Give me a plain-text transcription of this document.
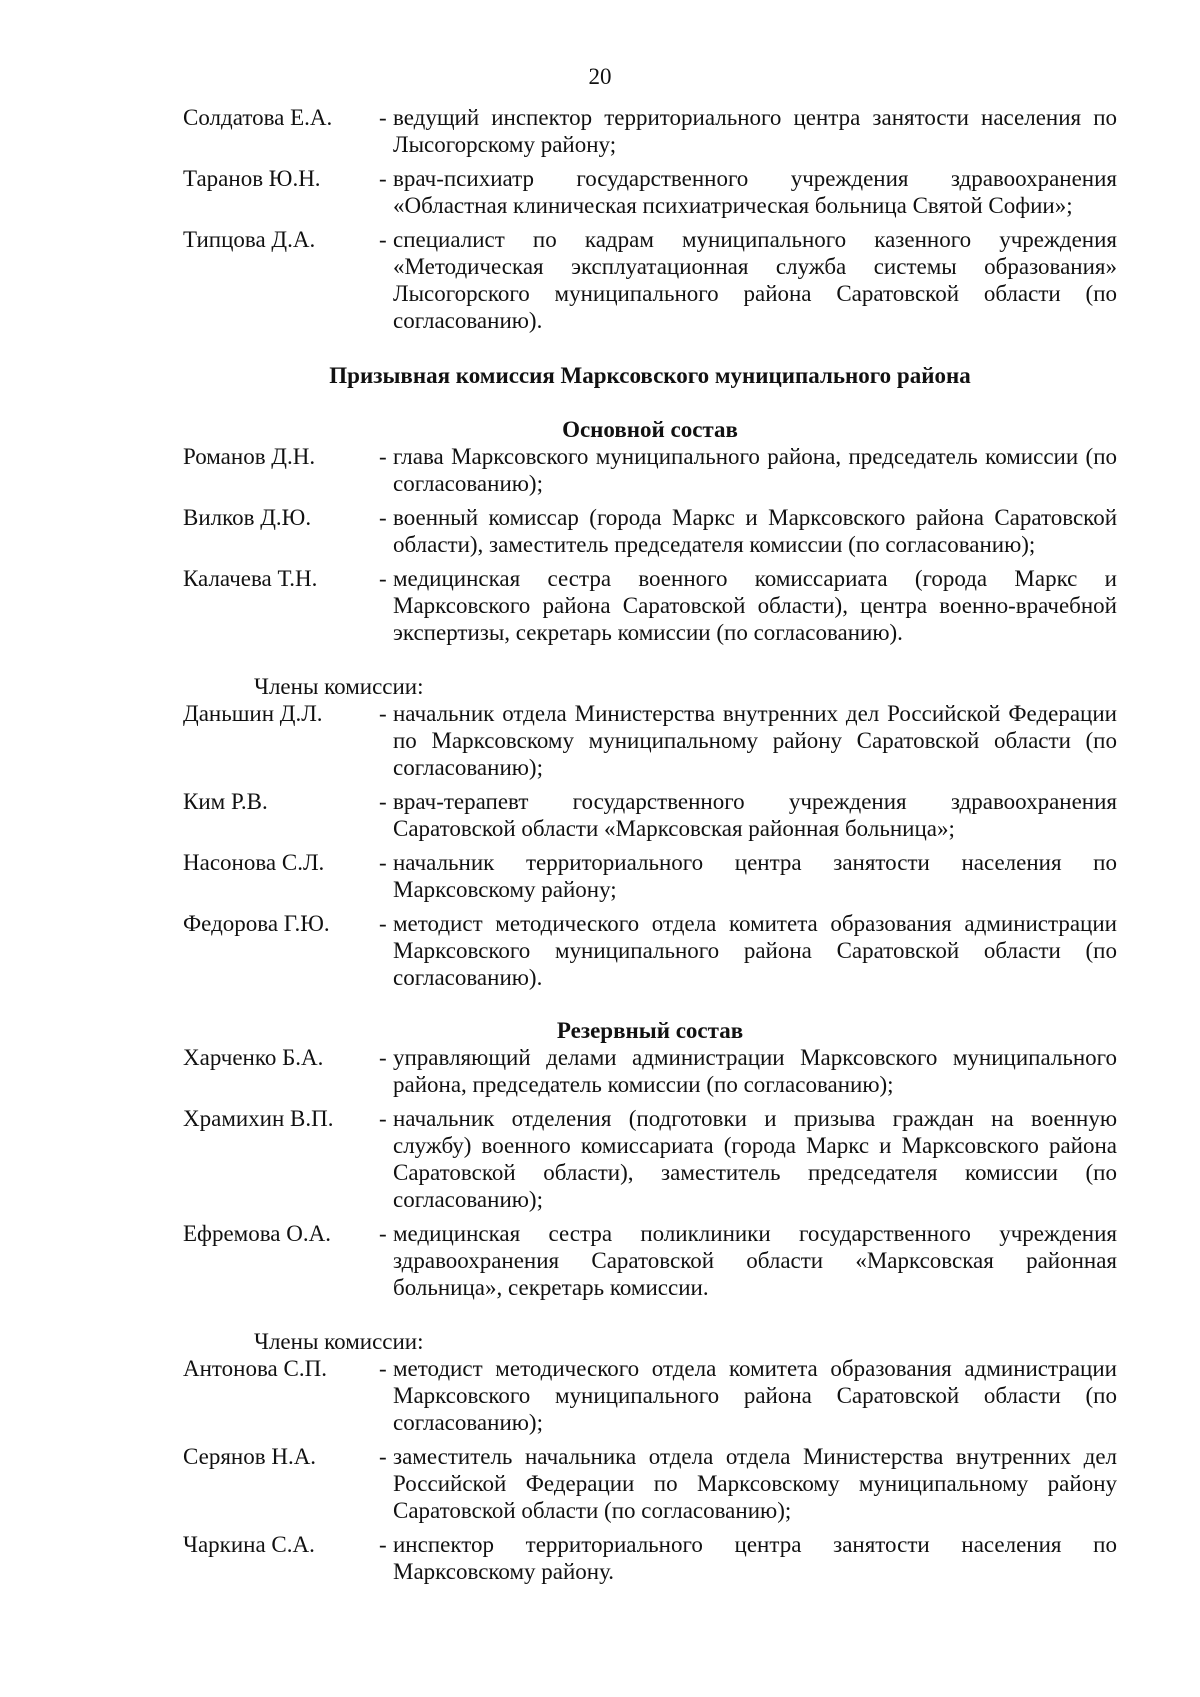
20
Солдатова Е.А.	- ведущий инспектор территориального центра занятости населения по Лысогорскому району;
Таранов Ю.Н.	- врач-психиатр государственного учреждения здравоохранения «Областная клиническая психиатрическая больница Святой Софии»;
Типцова Д.А.	- специалист по кадрам муниципального казенного учреждения «Методическая эксплуатационная служба системы образования» Лысогорского муниципального района Саратовской области (по согласованию).
Призывная комиссия Марксовского муниципального района
Основной состав
Романов Д.Н.	- глава Марксовского муниципального района, председатель комиссии (по согласованию);
Вилков Д.Ю.	- военный комиссар (города Маркс и Марксовского района Саратовской области), заместитель председателя комиссии (по согласованию);
Калачева Т.Н.	- медицинская сестра военного комиссариата (города Маркс и Марксовского района Саратовской области), центра военно-врачебной экспертизы, секретарь комиссии (по согласованию).
Члены комиссии:
Даньшин Д.Л.	- начальник отдела Министерства внутренних дел Российской Федерации по Марксовскому муниципальному району Саратовской области (по согласованию);
Ким Р.В.	- врач-терапевт государственного учреждения здравоохранения Саратовской области «Марксовская районная больница»;
Насонова С.Л.	- начальник территориального центра занятости населения по Марксовскому району;
Федорова Г.Ю.	- методист методического отдела комитета образования администрации Марксовского муниципального района Саратовской области (по согласованию).
Резервный состав
Харченко Б.А.	- управляющий делами администрации Марксовского муниципального района, председатель комиссии (по согласованию);
Храмихин В.П.	- начальник отделения (подготовки и призыва граждан на военную службу) военного комиссариата (города Маркс и Марксовского района Саратовской области), заместитель председателя комиссии (по согласованию);
Ефремова О.А.	- медицинская сестра поликлиники государственного учреждения здравоохранения Саратовской области «Марксовская районная больница», секретарь комиссии.
Члены комиссии:
Антонова С.П.	- методист методического отдела комитета образования администрации Марксовского муниципального района Саратовской области (по согласованию);
Серянов Н.А.	- заместитель начальника отдела отдела Министерства внутренних дел Российской Федерации по Марксовскому муниципальному району Саратовской области (по согласованию);
Чаркина С.А.	- инспектор территориального центра занятости населения по Марксовскому району.
